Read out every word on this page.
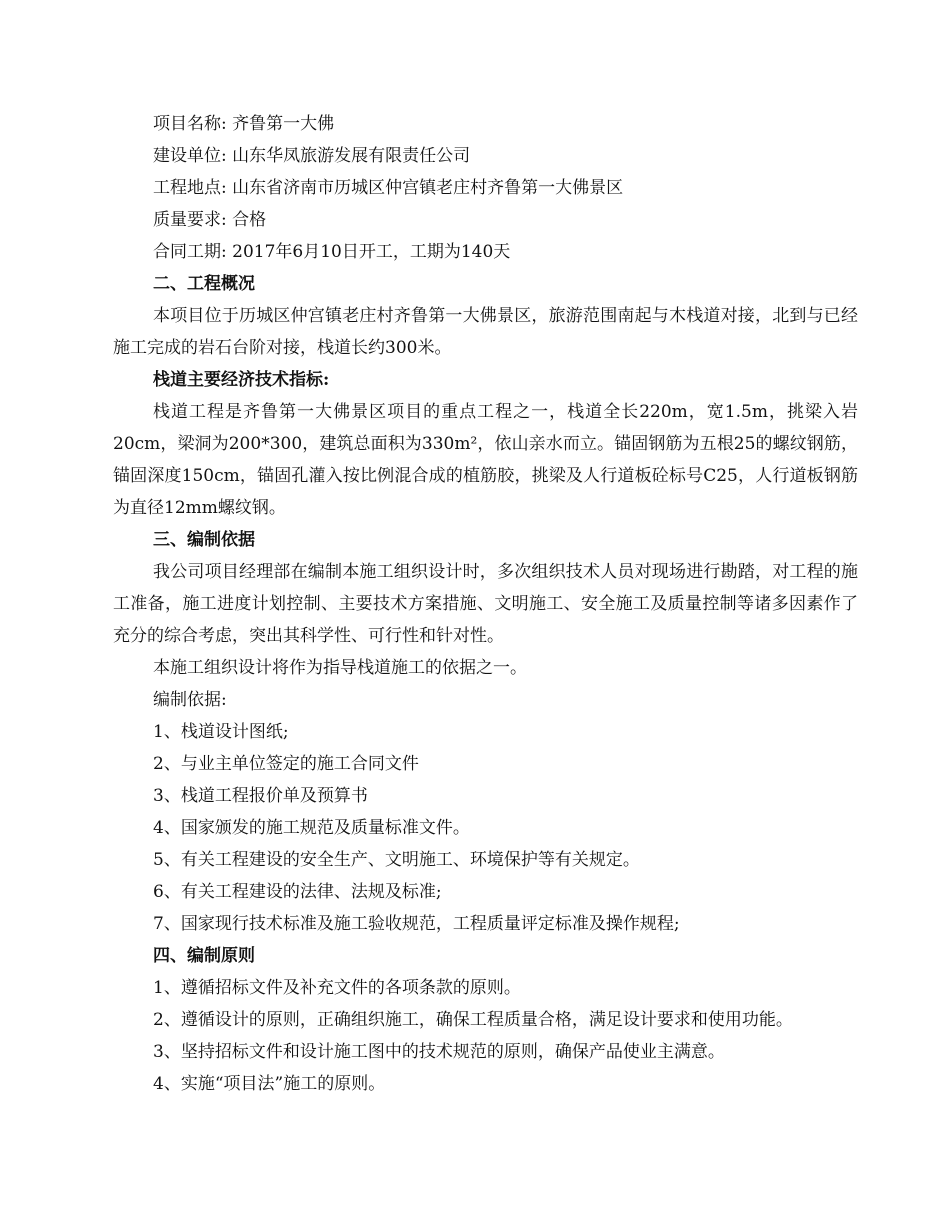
项目名称: 齐鲁第一大佛
建设单位: 山东华凤旅游发展有限责任公司
工程地点: 山东省济南市历城区仲宫镇老庄村齐鲁第一大佛景区
质量要求: 合格
合同工期: 2017年6月10日开工，工期为140天
二、工程概况
本项目位于历城区仲宫镇老庄村齐鲁第一大佛景区，旅游范围南起与木栈道对接，北到与已经施工完成的岩石台阶对接，栈道长约300米。
栈道主要经济技术指标:
栈道工程是齐鲁第一大佛景区项目的重点工程之一，栈道全长220m，宽1.5m，挑梁入岩20cm，梁洞为200*300，建筑总面积为330m²，依山亲水而立。锚固钢筋为五根25的螺纹钢筋，锚固深度150cm，锚固孔灌入按比例混合成的植筋胶，挑梁及人行道板砼标号C25，人行道板钢筋为直径12mm螺纹钢。
三、编制依据
我公司项目经理部在编制本施工组织设计时，多次组织技术人员对现场进行勘踏，对工程的施工准备，施工进度计划控制、主要技术方案措施、文明施工、安全施工及质量控制等诸多因素作了充分的综合考虑，突出其科学性、可行性和针对性。
本施工组织设计将作为指导栈道施工的依据之一。
编制依据:
1、栈道设计图纸;
2、与业主单位签定的施工合同文件
3、栈道工程报价单及预算书
4、国家颁发的施工规范及质量标准文件。
5、有关工程建设的安全生产、文明施工、环境保护等有关规定。
6、有关工程建设的法律、法规及标准;
7、国家现行技术标准及施工验收规范，工程质量评定标准及操作规程;
四、编制原则
1、遵循招标文件及补充文件的各项条款的原则。
2、遵循设计的原则，正确组织施工，确保工程质量合格，满足设计要求和使用功能。
3、坚持招标文件和设计施工图中的技术规范的原则，确保产品使业主满意。
4、实施“项目法”施工的原则。
